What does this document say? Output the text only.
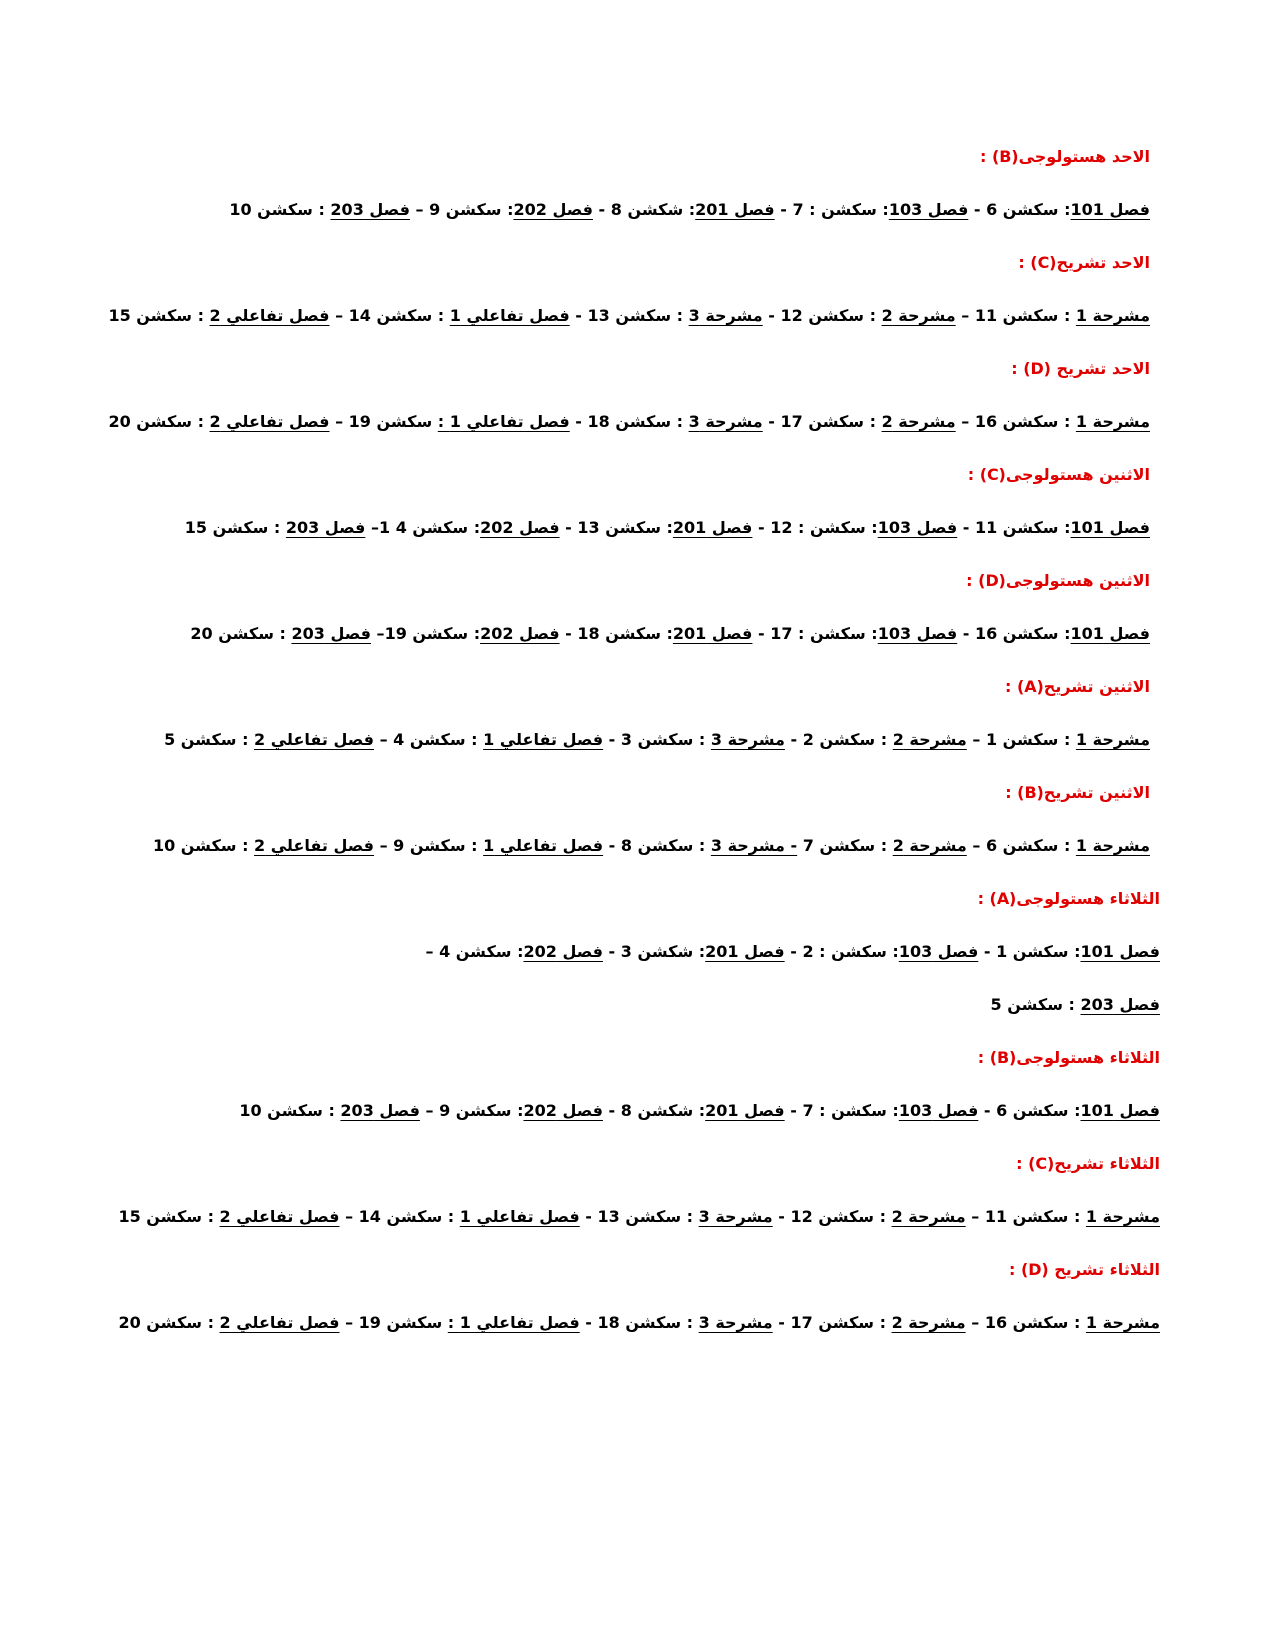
الاحد هستولوجى(B) :
فصل 101: سكشن 6 - فصل 103: سكشن : 7 - فصل 201: شكشن 8 - فصل 202: سكشن 9 – فصل 203 : سكشن 10
الاحد تشريح(C) :
مشرحة 1 : سكشن 11 – مشرحة 2 : سكشن 12 - مشرحة 3 : سكشن 13 - فصل تفاعلي 1 : سكشن 14 – فصل تفاعلي 2 : سكشن 15
الاحد تشريح (D) :
مشرحة 1 : سكشن 16 – مشرحة 2 : سكشن 17 - مشرحة 3 : سكشن 18 - فصل تفاعلي 1 : سكشن 19 – فصل تفاعلي 2 : سكشن 20
الاثنين هستولوجى(C) :
فصل 101: سكشن 11 - فصل 103: سكشن : 12 - فصل 201: سكشن 13 - فصل 202: سكشن 4 1– فصل 203 : سكشن 15
الاثنين هستولوجى(D) :
فصل 101: سكشن 16 - فصل 103: سكشن : 17 - فصل 201: سكشن 18 - فصل 202: سكشن 19– فصل 203 : سكشن 20
الاثنين تشريح(A) :
مشرحة 1 : سكشن 1 – مشرحة 2 : سكشن 2 - مشرحة 3 : سكشن 3 - فصل تفاعلي 1 : سكشن 4 – فصل تفاعلي 2 : سكشن 5
الاثنين تشريح(B) :
مشرحة 1 : سكشن 6 – مشرحة 2 : سكشن 7 - مشرحة 3 : سكشن 8 - فصل تفاعلي 1 : سكشن 9 – فصل تفاعلي 2 : سكشن 10
الثلاثاء هستولوجى(A) :
فصل 101: سكشن 1 - فصل 103: سكشن : 2 - فصل 201: شكشن 3 - فصل 202: سكشن 4 –
فصل 203 : سكشن 5
الثلاثاء هستولوجى(B) :
فصل 101: سكشن 6 - فصل 103: سكشن : 7 - فصل 201: شكشن 8 - فصل 202: سكشن 9 – فصل 203 : سكشن 10
الثلاثاء تشريح(C) :
مشرحة 1 : سكشن 11 – مشرحة 2 : سكشن 12 - مشرحة 3 : سكشن 13 - فصل تفاعلي 1 : سكشن 14 – فصل تفاعلي 2 : سكشن 15
الثلاثاء تشريح (D) :
مشرحة 1 : سكشن 16 – مشرحة 2 : سكشن 17 - مشرحة 3 : سكشن 18 - فصل تفاعلي 1 : سكشن 19 – فصل تفاعلي 2 : سكشن 20
